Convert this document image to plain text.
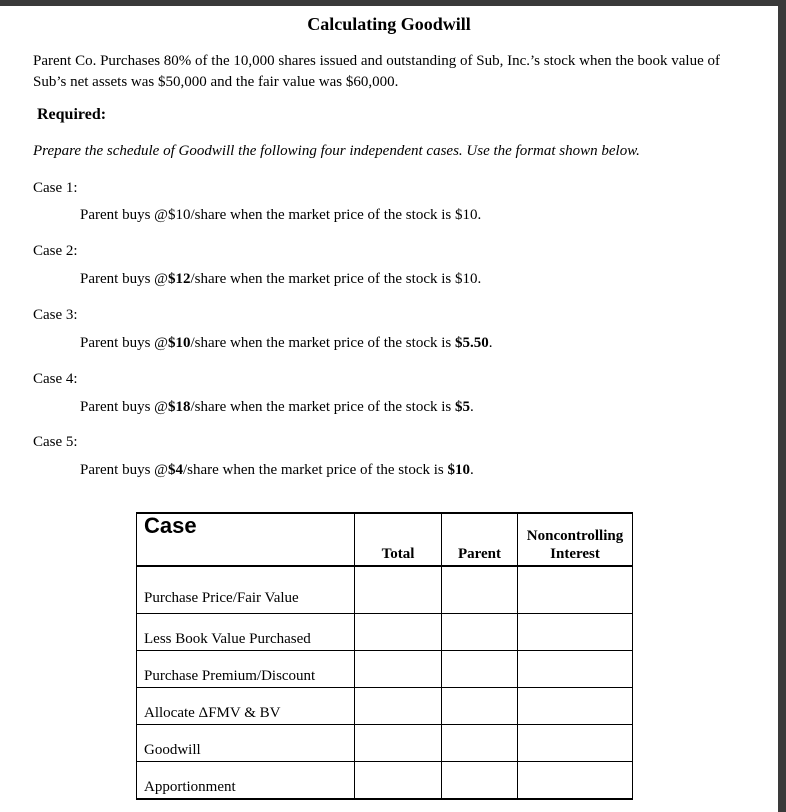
Calculating Goodwill
Parent Co. Purchases 80% of the 10,000 shares issued and outstanding of Sub, Inc.’s stock when the book value of Sub’s net assets was $50,000 and the fair value was $60,000.
Required:
Prepare the schedule of Goodwill the following four independent cases. Use the format shown below.
Case 1:
Parent buys @$10/share when the market price of the stock is $10.
Case 2:
Parent buys @$12/share when the market price of the stock is $10.
Case 3:
Parent buys @$10/share when the market price of the stock is $5.50.
Case 4:
Parent buys @$18/share when the market price of the stock is $5.
Case 5:
Parent buys @$4/share when the market price of the stock is $10.
Case	Total	Parent	Noncontrolling
Interest

Purchase Price/Fair Value			
Less Book Value Purchased			
Purchase Premium/Discount			
Allocate ΔFMV & BV			
Goodwill			
Apportionment			
